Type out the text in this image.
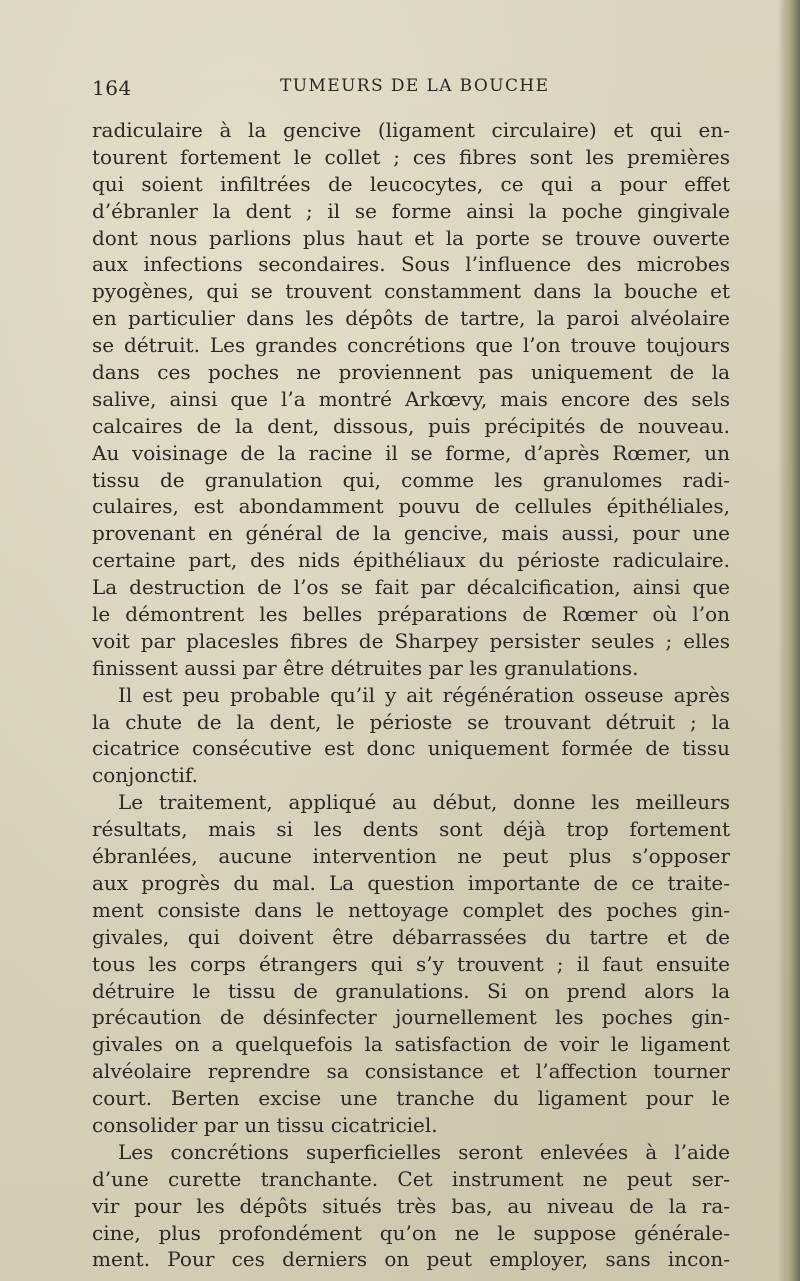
164	TUMEURS DE LA BOUCHE
radiculaire à la gencive (ligament circulaire) et qui en-
tourent fortement le collet ; ces fibres sont les premières
qui soient infiltrées de leucocytes, ce qui a pour effet
d’ébranler la dent ; il se forme ainsi la poche gingivale
dont nous parlions plus haut et la porte se trouve ouverte
aux infections secondaires. Sous l’influence des microbes
pyogènes, qui se trouvent constamment dans la bouche et
en particulier dans les dépôts de tartre, la paroi alvéolaire
se détruit. Les grandes concrétions que l’on trouve toujours
dans ces poches ne proviennent pas uniquement de la
salive, ainsi que l’a montré Arkœvy, mais encore des sels
calcaires de la dent, dissous, puis précipités de nouveau.
Au voisinage de la racine il se forme, d’après Rœmer, un
tissu de granulation qui, comme les granulomes radi-
culaires, est abondamment pouvu de cellules épithéliales,
provenant en général de la gencive, mais aussi, pour une
certaine part, des nids épithéliaux du périoste radiculaire.
La destruction de l’os se fait par décalcification, ainsi que
le démontrent les belles préparations de Rœmer où l’on
voit par placesles fibres de Sharpey persister seules ; elles
finissent aussi par être détruites par les granulations.
Il est peu probable qu’il y ait régénération osseuse après
la chute de la dent, le périoste se trouvant détruit ; la
cicatrice consécutive est donc uniquement formée de tissu
conjonctif.
Le traitement, appliqué au début, donne les meilleurs
résultats, mais si les dents sont déjà trop fortement
ébranlées, aucune intervention ne peut plus s’opposer
aux progrès du mal. La question importante de ce traite-
ment consiste dans le nettoyage complet des poches gin-
givales, qui doivent être débarrassées du tartre et de
tous les corps étrangers qui s’y trouvent ; il faut ensuite
détruire le tissu de granulations. Si on prend alors la
précaution de désinfecter journellement les poches gin-
givales on a quelquefois la satisfaction de voir le ligament
alvéolaire reprendre sa consistance et l’affection tourner
court. Berten excise une tranche du ligament pour le
consolider par un tissu cicatriciel.
Les concrétions superficielles seront enlevées à l’aide
d’une curette tranchante. Cet instrument ne peut ser-
vir pour les dépôts situés très bas, au niveau de la ra-
cine, plus profondément qu’on ne le suppose générale-
ment. Pour ces derniers on peut employer, sans incon-
